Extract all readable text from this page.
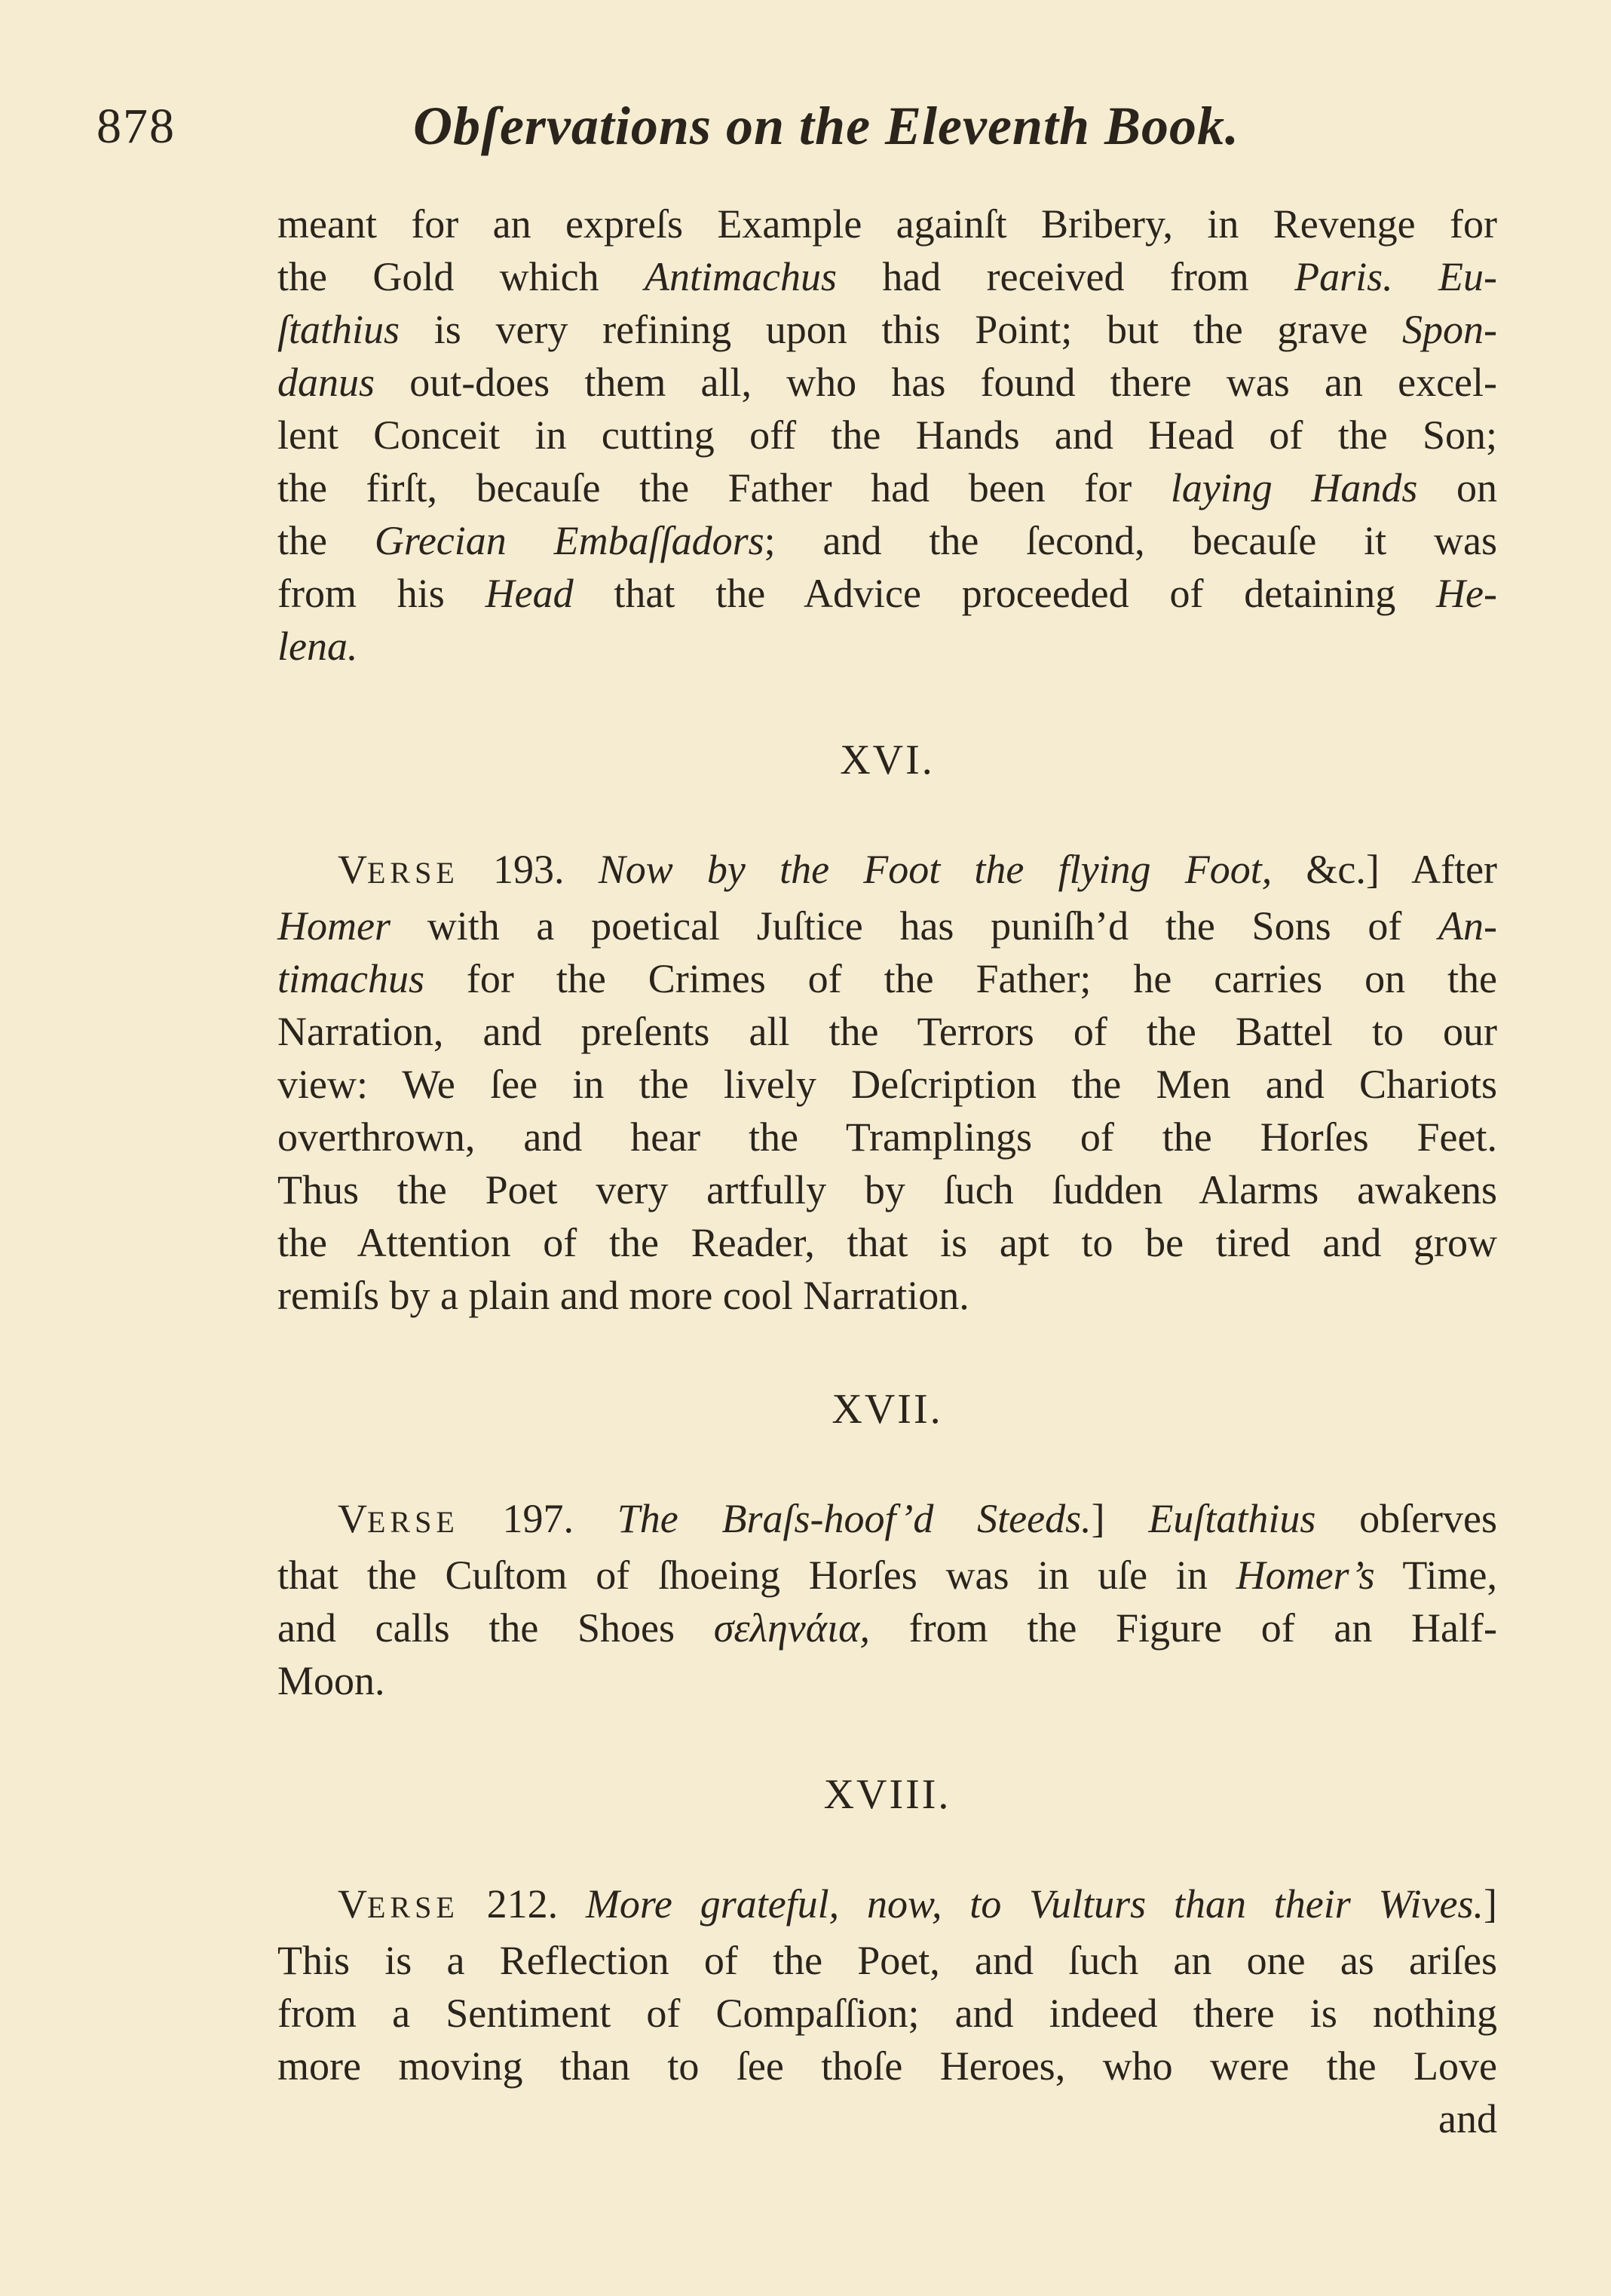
878	Obſervations on the Eleventh Book.

meant for an expreſs Example againſt Bribery, in Revenge for
the Gold which Antimachus had received from Paris. Eu-
ſtathius is very refining upon this Point; but the grave Spon-
danus out-does them all, who has found there was an excel-
lent Conceit in cutting off the Hands and Head of the Son;
the firſt, becauſe the Father had been for laying Hands on
the Grecian Embaſſadors; and the ſecond, becauſe it was
from his Head that the Advice proceeded of detaining He-
lena.

XVI.

VERSE 193. Now by the Foot the flying Foot, &c.] After
Homer with a poetical Juſtice has puniſh’d the Sons of An-
timachus for the Crimes of the Father; he carries on the
Narration, and preſents all the Terrors of the Battel to our
view: We ſee in the lively Deſcription the Men and Chariots
overthrown, and hear the Tramplings of the Horſes Feet.
Thus the Poet very artfully by ſuch ſudden Alarms awakens
the Attention of the Reader, that is apt to be tired and grow
remiſs by a plain and more cool Narration.

XVII.

VERSE 197. The Braſs-hoof’d Steeds.] Euſtathius obſerves
that the Cuſtom of ſhoeing Horſes was in uſe in Homer’s Time,
and calls the Shoes σεληνάια, from the Figure of an Half-
Moon.

XVIII.

VERSE 212. More grateful, now, to Vulturs than their Wives.]
This is a Reflection of the Poet, and ſuch an one as ariſes
from a Sentiment of Compaſſion; and indeed there is nothing
more moving than to ſee thoſe Heroes, who were the Love

and
